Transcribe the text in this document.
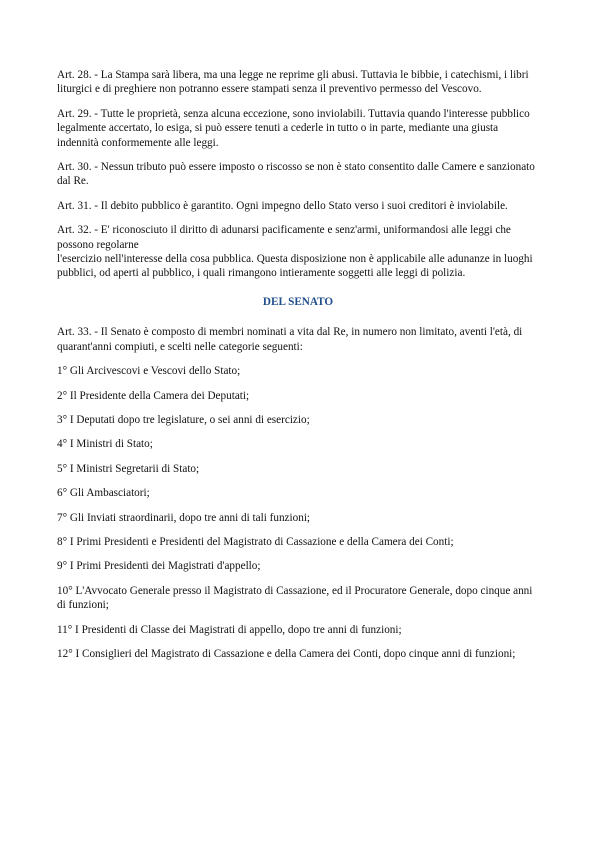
Art. 28. - La Stampa sarà libera, ma una legge ne reprime gli abusi. Tuttavia le bibbie, i catechismi, i libri liturgici e di preghiere non potranno essere stampati senza il preventivo permesso del Vescovo.

Art. 29. - Tutte le proprietà, senza alcuna eccezione, sono inviolabili. Tuttavia quando l'interesse pubblico legalmente accertato, lo esiga, si può essere tenuti a cederle in tutto o in parte, mediante una giusta indennità conformemente alle leggi.

Art. 30. - Nessun tributo può essere imposto o riscosso se non è stato consentito dalle Camere e sanzionato dal Re.

Art. 31. - Il debito pubblico è garantito. Ogni impegno dello Stato verso i suoi creditori è inviolabile.

Art. 32. - E' riconosciuto il diritto di adunarsi pacificamente e senz'armi, uniformandosi alle leggi che possono regolarne
l'esercizio nell'interesse della cosa pubblica. Questa disposizione non è applicabile alle adunanze in luoghi pubblici, od aperti al pubblico, i quali rimangono intieramente soggetti alle leggi di polizia.

DEL SENATO

Art. 33. - Il Senato è composto di membri nominati a vita dal Re, in numero non limitato, aventi l'età, di quarant'anni compiuti, e scelti nelle categorie seguenti:

1° Gli Arcivescovi e Vescovi dello Stato;

2° Il Presidente della Camera dei Deputati;

3° I Deputati dopo tre legislature, o sei anni di esercizio;

4° I Ministri di Stato;

5° I Ministri Segretarii di Stato;

6° Gli Ambasciatori;

7° Gli Inviati straordinarii, dopo tre anni di tali funzioni;

8° I Primi Presidenti e Presidenti del Magistrato di Cassazione e della Camera dei Conti;

9° I Primi Presidenti dei Magistrati d'appello;

10° L'Avvocato Generale presso il Magistrato di Cassazione, ed il Procuratore Generale, dopo cinque anni di funzioni;

11° I Presidenti di Classe dei Magistrati di appello, dopo tre anni di funzioni;

12° I Consiglieri del Magistrato di Cassazione e della Camera dei Conti, dopo cinque anni di funzioni;
